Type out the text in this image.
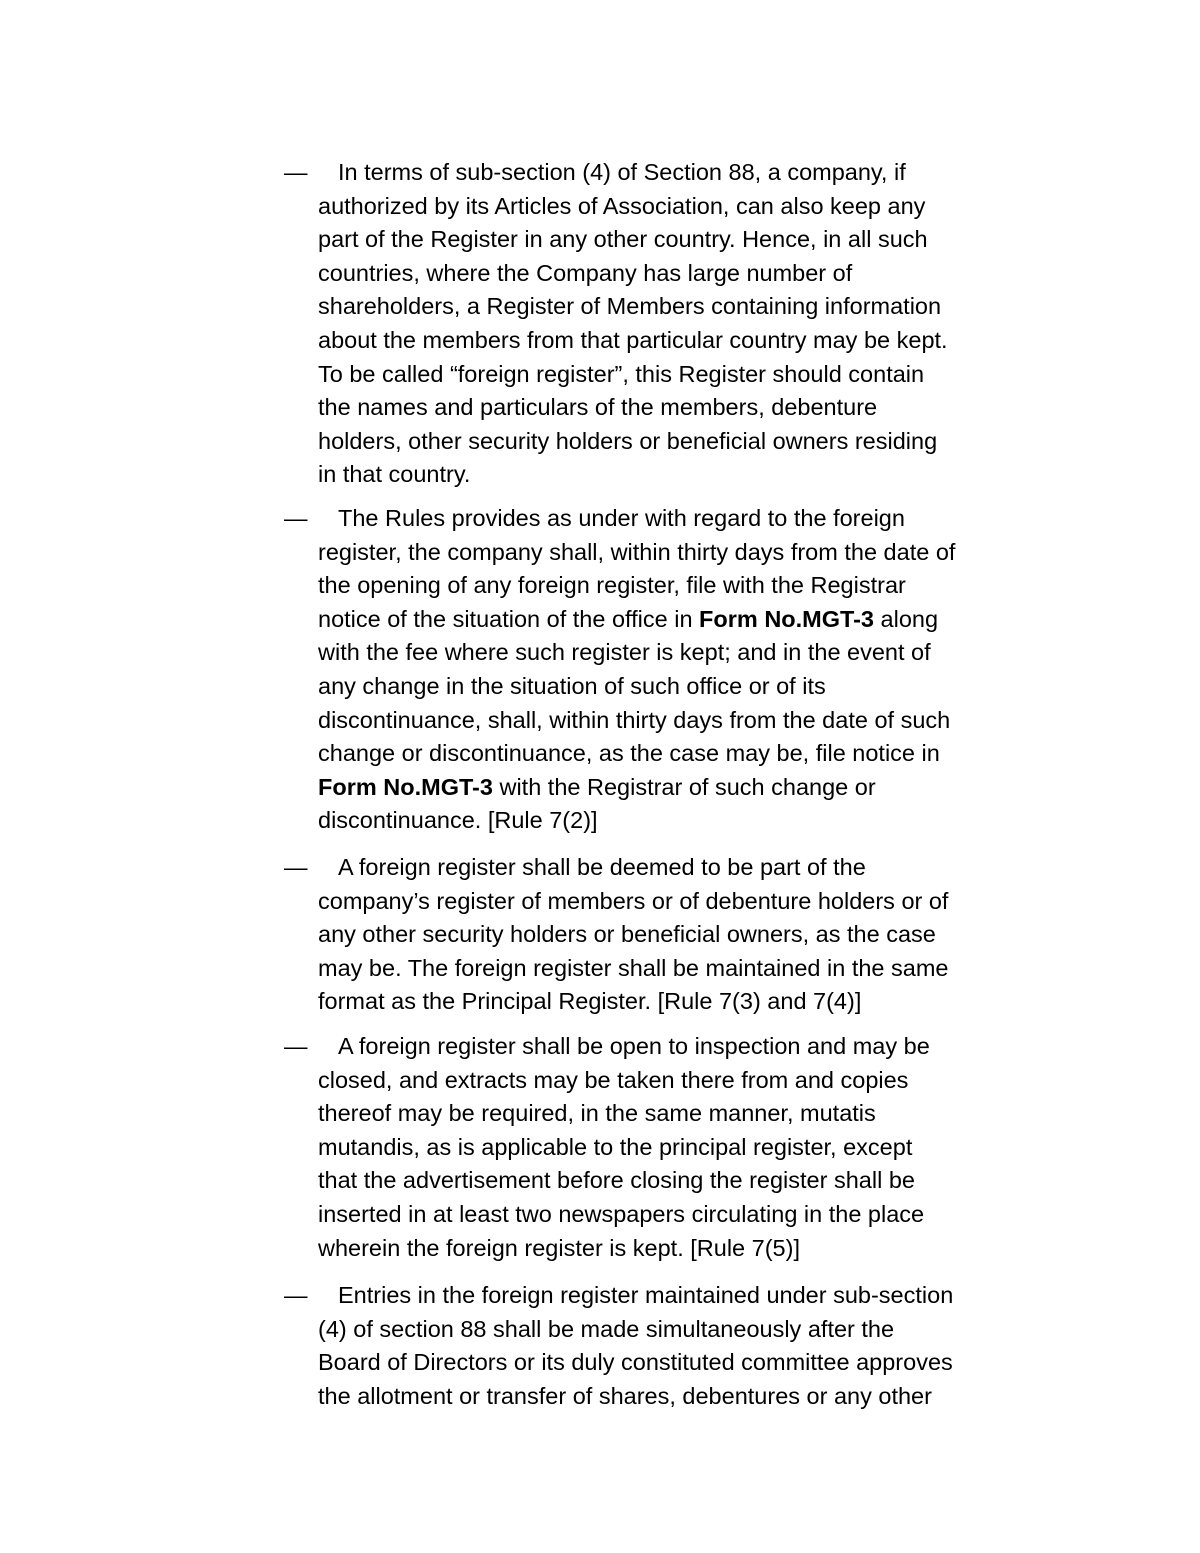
—	In terms of sub-section (4) of Section 88, a company, if
authorized by its Articles of Association, can also keep any
part of the Register in any other country. Hence, in all such
countries, where the Company has large number of
shareholders, a Register of Members containing information
about the members from that particular country may be kept.
To be called “foreign register”, this Register should contain
the names and particulars of the members, debenture
holders, other security holders or beneficial owners residing
in that country.
—	The Rules provides as under with regard to the foreign
register, the company shall, within thirty days from the date of
the opening of any foreign register, file with the Registrar
notice of the situation of the office in Form No.MGT-3 along
with the fee where such register is kept; and in the event of
any change in the situation of such office or of its
discontinuance, shall, within thirty days from the date of such
change or discontinuance, as the case may be, file notice in
Form No.MGT-3 with the Registrar of such change or
discontinuance. [Rule 7(2)]
—	A foreign register shall be deemed to be part of the
company’s register of members or of debenture holders or of
any other security holders or beneficial owners, as the case
may be. The foreign register shall be maintained in the same
format as the Principal Register. [Rule 7(3) and 7(4)]
—	A foreign register shall be open to inspection and may be
closed, and extracts may be taken there from and copies
thereof may be required, in the same manner, mutatis
mutandis, as is applicable to the principal register, except
that the advertisement before closing the register shall be
inserted in at least two newspapers circulating in the place
wherein the foreign register is kept. [Rule 7(5)]
—	Entries in the foreign register maintained under sub-section
(4) of section 88 shall be made simultaneously after the
Board of Directors or its duly constituted committee approves
the allotment or transfer of shares, debentures or any other
